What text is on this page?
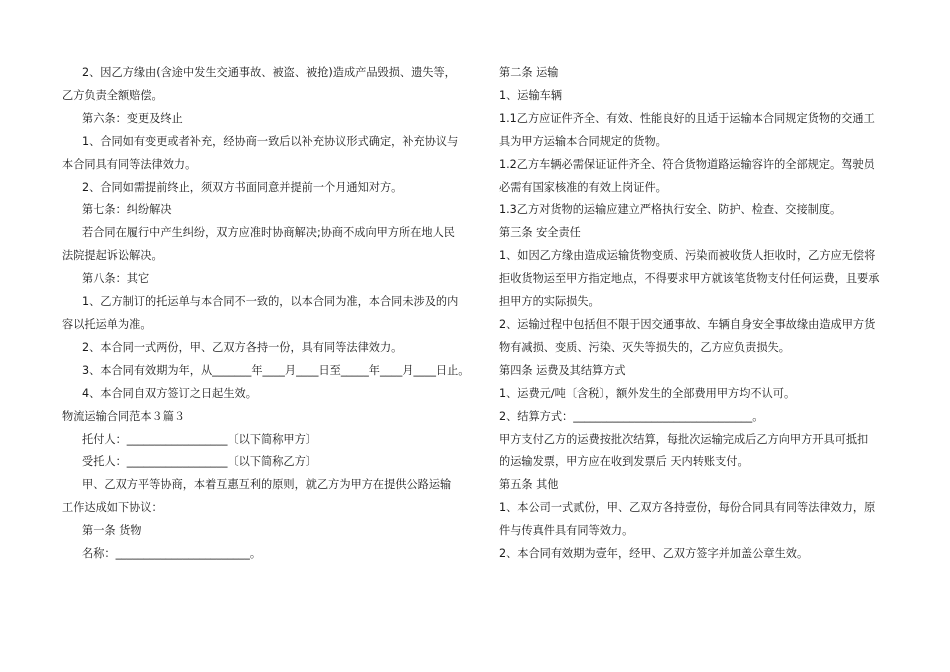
2、因乙方缘由(含途中发生交通事故、被盗、被抢)造成产品毁损、遗失等，

乙方负责全额赔偿。

第六条：变更及终止

1、合同如有变更或者补充，经协商一致后以补充协议形式确定，补充协议与

本合同具有同等法律效力。

2、合同如需提前终止，须双方书面同意并提前一个月通知对方。

第七条：纠纷解决

若合同在履行中产生纠纷，双方应准时协商解决;协商不成向甲方所在地人民

法院提起诉讼解决。

第八条：其它

1、乙方制订的托运单与本合同不一致的，以本合同为准，本合同未涉及的内

容以托运单为准。

2、本合同一式两份，甲、乙双方各持一份，具有同等法律效力。

3、本合同有效期为年，从_______年____月____日至_____年____月____日止。

4、本合同自双方签订之日起生效。

物流运输合同范本３篇３

托付人：__________________〔以下简称甲方〕

受托人：__________________〔以下简称乙方〕

甲、乙双方平等协商，本着互惠互利的原则，就乙方为甲方在提供公路运输

工作达成如下协议：

第一条 货物

名称：________________________。

第二条 运输

1、运输车辆

1.1乙方应证件齐全、有效、性能良好的且适于运输本合同规定货物的交通工

具为甲方运输本合同规定的货物。

1.2乙方车辆必需保证证件齐全、符合货物道路运输容许的全部规定。驾驶员

必需有国家核准的有效上岗证件。

1.3乙方对货物的运输应建立严格执行安全、防护、检查、交接制度。

第三条 安全责任

1、如因乙方缘由造成运输货物变质、污染而被收货人拒收时，乙方应无偿将

拒收货物运至甲方指定地点，不得要求甲方就该笔货物支付任何运费，且要承

担甲方的实际损失。

2、运输过程中包括但不限于因交通事故、车辆自身安全事故缘由造成甲方货

物有减损、变质、污染、灭失等损失的，乙方应负责损失。

第四条 运费及其结算方式

1、运费元/吨〔含税〕，额外发生的全部费用甲方均不认可。

2、结算方式：________________________________。

甲方支付乙方的运费按批次结算，每批次运输完成后乙方向甲方开具可抵扣

的运输发票，甲方应在收到发票后 天内转账支付。

第五条 其他

1、本公司一式贰份，甲、乙双方各持壹份，每份合同具有同等法律效力，原

件与传真件具有同等效力。

2、本合同有效期为壹年，经甲、乙双方签字并加盖公章生效。
